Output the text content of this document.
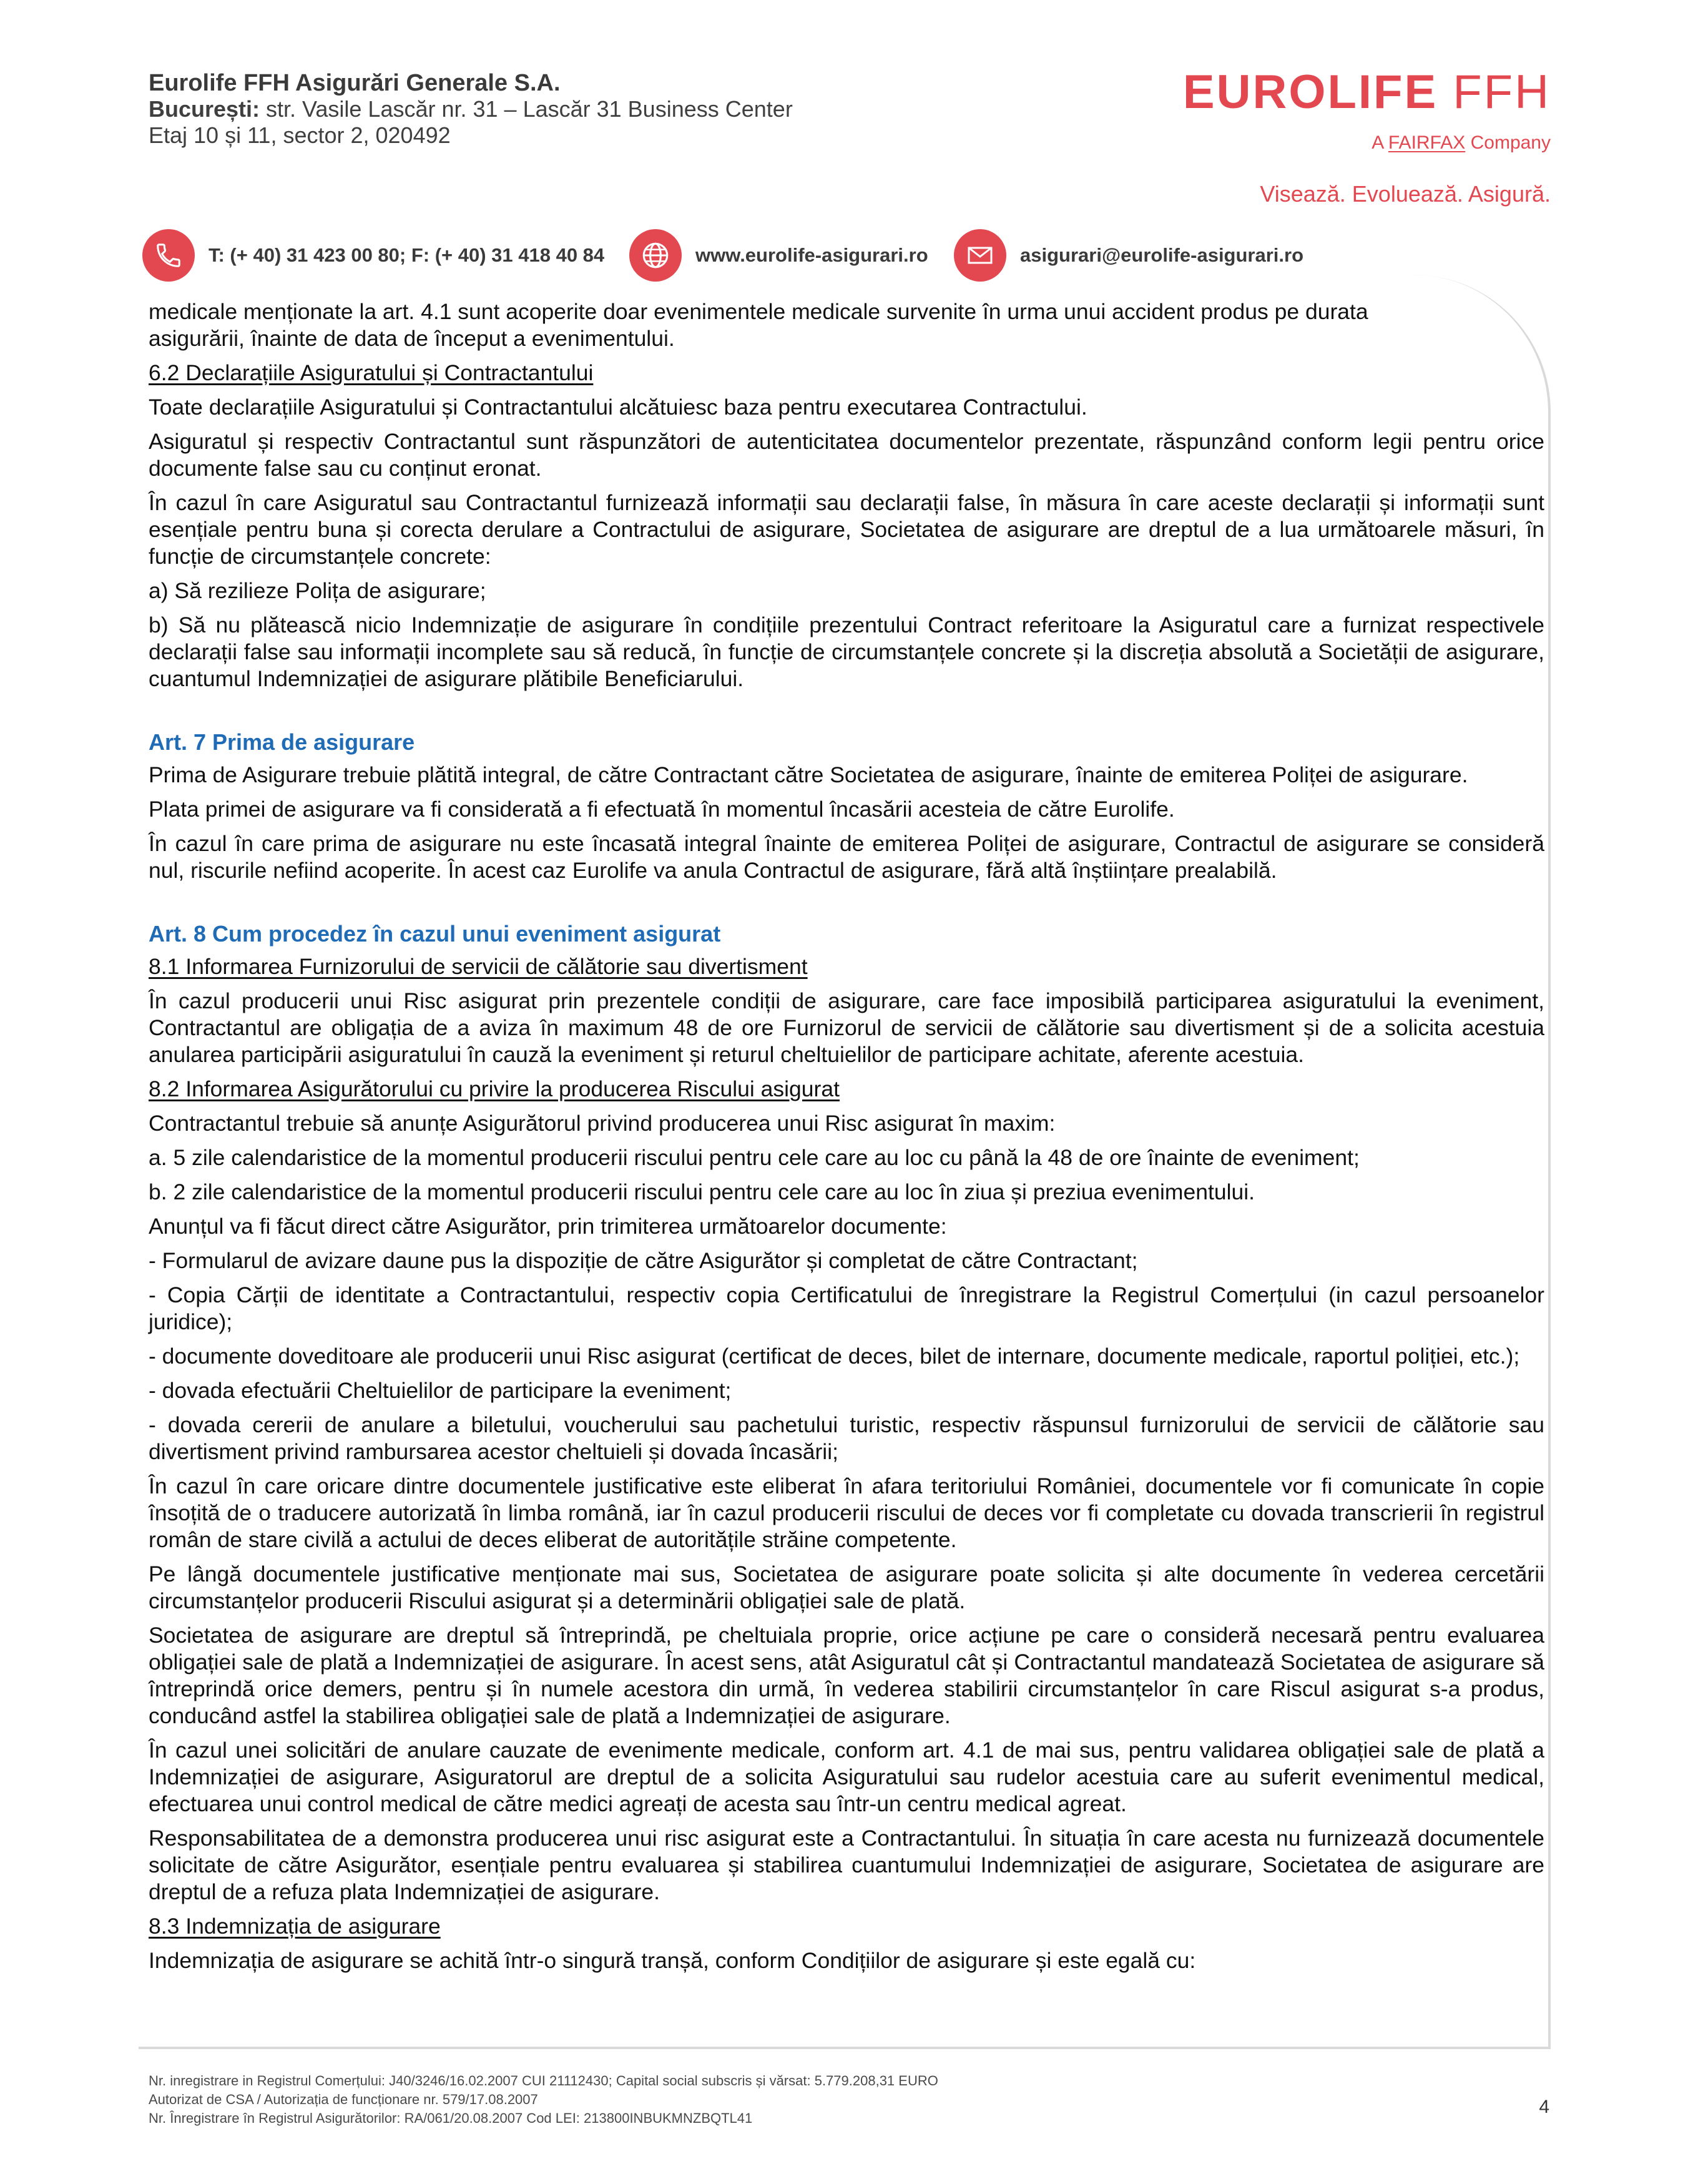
Eurolife FFH Asigurări Generale S.A.
București: str. Vasile Lascăr nr. 31 – Lascăr 31 Business Center
Etaj 10 și 11, sector 2, 020492
EUROLIFE FFH
A FAIRFAX Company
Visează. Evoluează. Asigură.
T: (+ 40) 31 423 00 80; F: (+ 40) 31 418 40 84	www.eurolife-asigurari.ro	asigurari@eurolife-asigurari.ro

medicale menționate la art. 4.1 sunt acoperite doar evenimentele medicale survenite în urma unui accident produs pe durata asigurării, înainte de data de început a evenimentului.

6.2 Declarațiile Asiguratului și Contractantului

Toate declarațiile Asiguratului și Contractantului alcătuiesc baza pentru executarea Contractului.

Asiguratul și respectiv Contractantul sunt răspunzători de autenticitatea documentelor prezentate, răspunzând conform legii pentru orice documente false sau cu conținut eronat.

În cazul în care Asiguratul sau Contractantul furnizează informații sau declarații false, în măsura în care aceste declarații și informații sunt esențiale pentru buna și corecta derulare a Contractului de asigurare, Societatea de asigurare are dreptul de a lua următoarele măsuri, în funcție de circumstanțele concrete:

a) Să rezilieze Polița de asigurare;

b) Să nu plătească nicio Indemnizație de asigurare în condițiile prezentului Contract referitoare la Asiguratul care a furnizat respectivele declarații false sau informații incomplete sau să reducă, în funcție de circumstanțele concrete și la discreția absolută a Societății de asigurare, cuantumul Indemnizației de asigurare plătibile Beneficiarului.

Art. 7 Prima de asigurare

Prima de Asigurare trebuie plătită integral, de către Contractant către Societatea de asigurare, înainte de emiterea Poliței de asigurare.

Plata primei de asigurare va fi considerată a fi efectuată în momentul încasării acesteia de către Eurolife.

În cazul în care prima de asigurare nu este încasată integral înainte de emiterea Poliței de asigurare, Contractul de asigurare se consideră nul, riscurile nefiind acoperite. În acest caz Eurolife va anula Contractul de asigurare, fără altă înștiințare prealabilă.

Art. 8 Cum procedez în cazul unui eveniment asigurat

8.1 Informarea Furnizorului de servicii de călătorie sau divertisment

În cazul producerii unui Risc asigurat prin prezentele condiții de asigurare, care face imposibilă participarea asiguratului la eveniment, Contractantul are obligația de a aviza în maximum 48 de ore Furnizorul de servicii de călătorie sau divertisment și de a solicita acestuia anularea participării asiguratului în cauză la eveniment și returul cheltuielilor de participare achitate, aferente acestuia.

8.2 Informarea Asigurătorului cu privire la producerea Riscului asigurat

Contractantul trebuie să anunțe Asigurătorul privind producerea unui Risc asigurat în maxim:

a. 5 zile calendaristice de la momentul producerii riscului pentru cele care au loc cu până la 48 de ore înainte de eveniment;

b. 2 zile calendaristice de la momentul producerii riscului pentru cele care au loc în ziua și preziua evenimentului.

Anunțul va fi făcut direct către Asigurător, prin trimiterea următoarelor documente:

- Formularul de avizare daune pus la dispoziție de către Asigurător și completat de către Contractant;

- Copia Cărții de identitate a Contractantului, respectiv copia Certificatului de înregistrare la Registrul Comerțului (in cazul persoanelor juridice);

- documente doveditoare ale producerii unui Risc asigurat (certificat de deces, bilet de internare, documente medicale, raportul poliției, etc.);

- dovada efectuării Cheltuielilor de participare la eveniment;

- dovada cererii de anulare a biletului, voucherului sau pachetului turistic, respectiv răspunsul furnizorului de servicii de călătorie sau divertisment privind rambursarea acestor cheltuieli și dovada încasării;

În cazul în care oricare dintre documentele justificative este eliberat în afara teritoriului României, documentele vor fi comunicate în copie însoțită de o traducere autorizată în limba română, iar în cazul producerii riscului de deces vor fi completate cu dovada transcrierii în registrul român de stare civilă a actului de deces eliberat de autoritățile străine competente.

Pe lângă documentele justificative menționate mai sus, Societatea de asigurare poate solicita și alte documente în vederea cercetării circumstanțelor producerii Riscului asigurat și a determinării obligației sale de plată.

Societatea de asigurare are dreptul să întreprindă, pe cheltuiala proprie, orice acțiune pe care o consideră necesară pentru evaluarea obligației sale de plată a Indemnizației de asigurare. În acest sens, atât Asiguratul cât și Contractantul mandatează Societatea de asigurare să întreprindă orice demers, pentru și în numele acestora din urmă, în vederea stabilirii circumstanțelor în care Riscul asigurat s-a produs, conducând astfel la stabilirea obligației sale de plată a Indemnizației de asigurare.

În cazul unei solicitări de anulare cauzate de evenimente medicale, conform art. 4.1 de mai sus, pentru validarea obligației sale de plată a Indemnizației de asigurare, Asiguratorul are dreptul de a solicita Asiguratului sau rudelor acestuia care au suferit evenimentul medical, efectuarea unui control medical de către medici agreați de acesta sau într-un centru medical agreat.

Responsabilitatea de a demonstra producerea unui risc asigurat este a Contractantului. În situația în care acesta nu furnizează documentele solicitate de către Asigurător, esențiale pentru evaluarea și stabilirea cuantumului Indemnizației de asigurare, Societatea de asigurare are dreptul de a refuza plata Indemnizației de asigurare.

8.3 Indemnizația de asigurare

Indemnizația de asigurare se achită într-o singură tranșă, conform Condițiilor de asigurare și este egală cu:

Nr. inregistrare in Registrul Comerțului: J40/3246/16.02.2007 CUI 21112430; Capital social subscris și vărsat: 5.779.208,31 EURO
Autorizat de CSA / Autorizația de funcționare nr. 579/17.08.2007
Nr. Înregistrare în Registrul Asigurătorilor: RA/061/20.08.2007 Cod LEI: 213800INBUKMNZBQTL41
4
